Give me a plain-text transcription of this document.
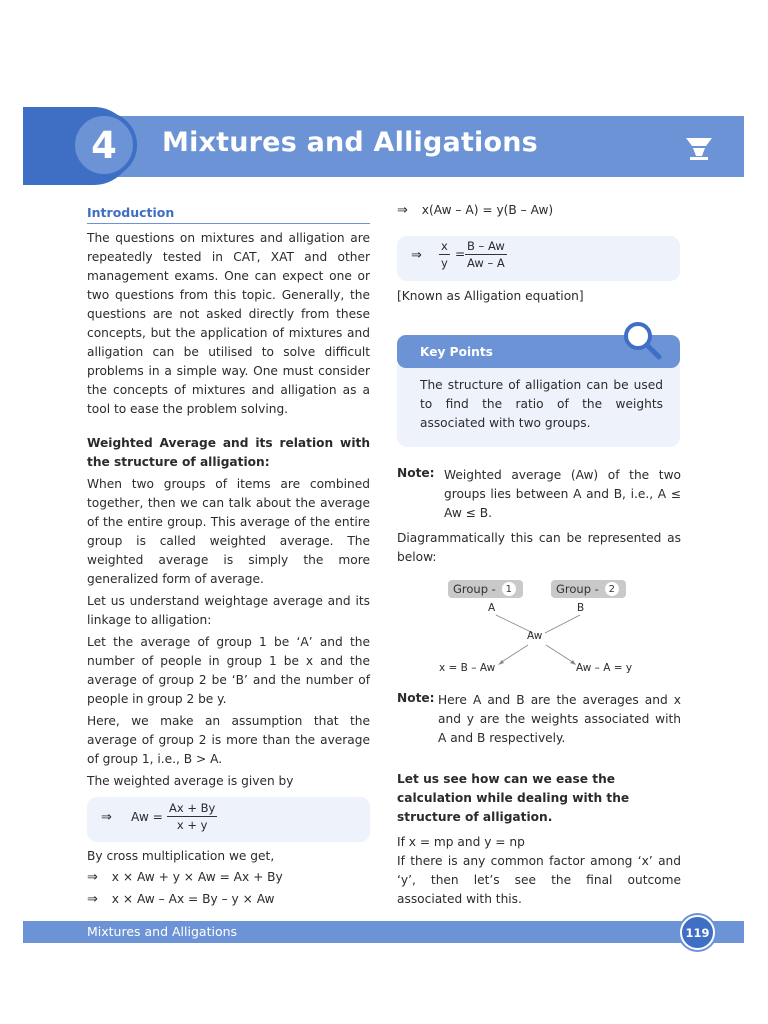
4	Mixtures and Alligations
Introduction
The questions on mixtures and alligation are repeatedly tested in CAT, XAT and other management exams. One can expect one or two questions from this topic. Generally, the questions are not asked directly from these concepts, but the application of mixtures and alligation can be utilised to solve difficult problems in a simple way. One must consider the concepts of mixtures and alligation as a tool to ease the problem solving.
Weighted Average and its relation with the structure of alligation:
When two groups of items are combined together, then we can talk about the average of the entire group. This average of the entire group is called weighted average. The weighted average is simply the more generalized form of average.
Let us understand weightage average and its linkage to alligation:
Let the average of group 1 be ‘A’ and the number of people in group 1 be x and the average of group 2 be ‘B’ and the number of people in group 2 be y.
Here, we make an assumption that the average of group 2 is more than the average of group 1, i.e., B > A.
The weighted average is given by
⇒ $Aw = \frac{Ax + By}{x + y}$
By cross multiplication we get,
⇒ x × Aw + y × Aw = Ax + By
⇒ x × Aw – Ax = By – y × Aw
⇒ x(Aw – A) = y(B – Aw)
⇒ $\frac{x}{y} = \frac{B - Aw}{Aw - A}$
[Known as Alligation equation]
Key Points
The structure of alligation can be used to find the ratio of the weights associated with two groups.
Note: Weighted average (Aw) of the two groups lies between A and B, i.e., A ≤ Aw ≤ B.
Diagrammatically this can be represented as below:
Group - 1	Group - 2
A	B
Aw
x = B – Aw	Aw – A = y
Note: Here A and B are the averages and x and y are the weights associated with A and B respectively.
Let us see how can we ease the calculation while dealing with the structure of alligation.
If x = mp and y = np
If there is any common factor among ‘x’ and ‘y’, then let’s see the final outcome associated with this.
Mixtures and Alligations	119
